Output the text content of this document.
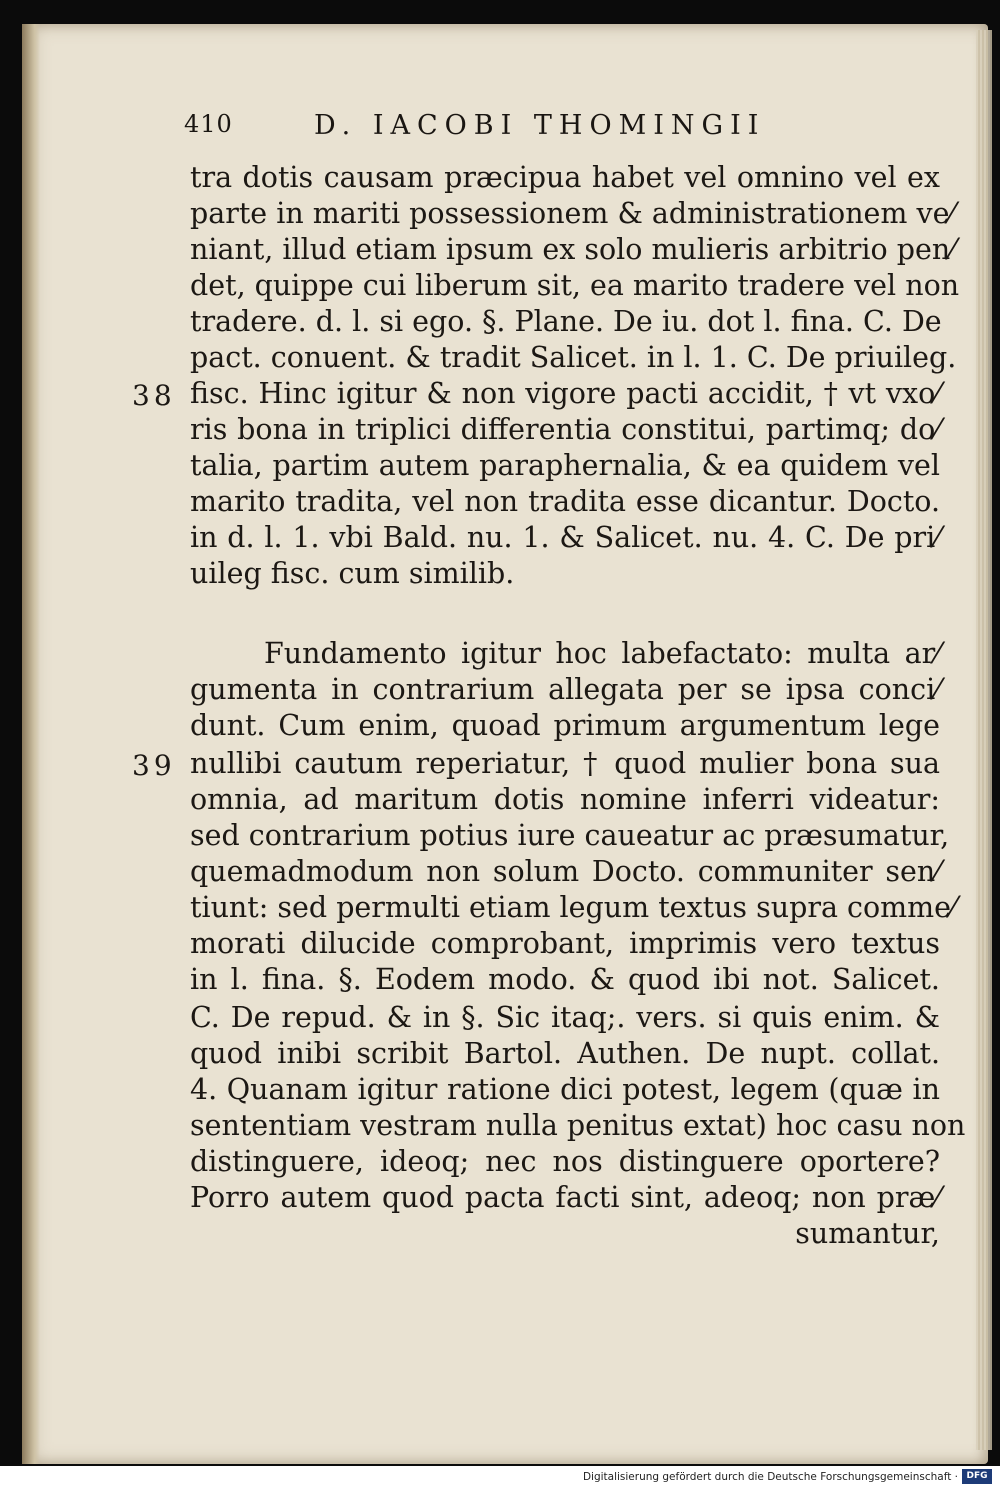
410	D. IACOBI THOMINGII
tra dotis causam præcipua habet vel omnino vel ex
parte in mariti possessionem & administrationem ve⁄
niant, illud etiam ipsum ex solo mulieris arbitrio pen⁄
det, quippe cui liberum sit, ea marito tradere vel non
tradere. d. l. si ego. §. Plane. De iu. dot l. fina. C. De
pact. conuent. & tradit Salicet. in l. 1. C. De priuileg.
38 fisc. Hinc igitur & non vigore pacti accidit, † vt vxo⁄
ris bona in triplici differentia constitui, partimq; do⁄
talia, partim autem paraphernalia, & ea quidem vel
marito tradita, vel non tradita esse dicantur. Docto.
in d. l. 1. vbi Bald. nu. 1. & Salicet. nu. 4. C. De pri⁄
uileg fisc. cum similib.
Fundamento igitur hoc labefactato: multa ar⁄
gumenta in contrarium allegata per se ipsa conci⁄
dunt. Cum enim, quoad primum argumentum lege
39 nullibi cautum reperiatur, † quod mulier bona sua
omnia, ad maritum dotis nomine inferri videatur:
sed contrarium potius iure caueatur ac præsumatur,
quemadmodum non solum Docto. communiter sen⁄
tiunt: sed permulti etiam legum textus supra comme⁄
morati dilucide comprobant, imprimis vero textus
in l. fina. §. Eodem modo. & quod ibi not. Salicet.
C. De repud. & in §. Sic itaq;. vers. si quis enim. &
quod inibi scribit Bartol. Authen. De nupt. collat.
4. Quanam igitur ratione dici potest, legem (quæ in
sententiam vestram nulla penitus extat) hoc casu non
distinguere, ideoq; nec nos distinguere oportere?
Porro autem quod pacta facti sint, adeoq; non præ⁄
sumantur,
Digitalisierung gefördert durch die Deutsche Forschungsgemeinschaft · DFG
